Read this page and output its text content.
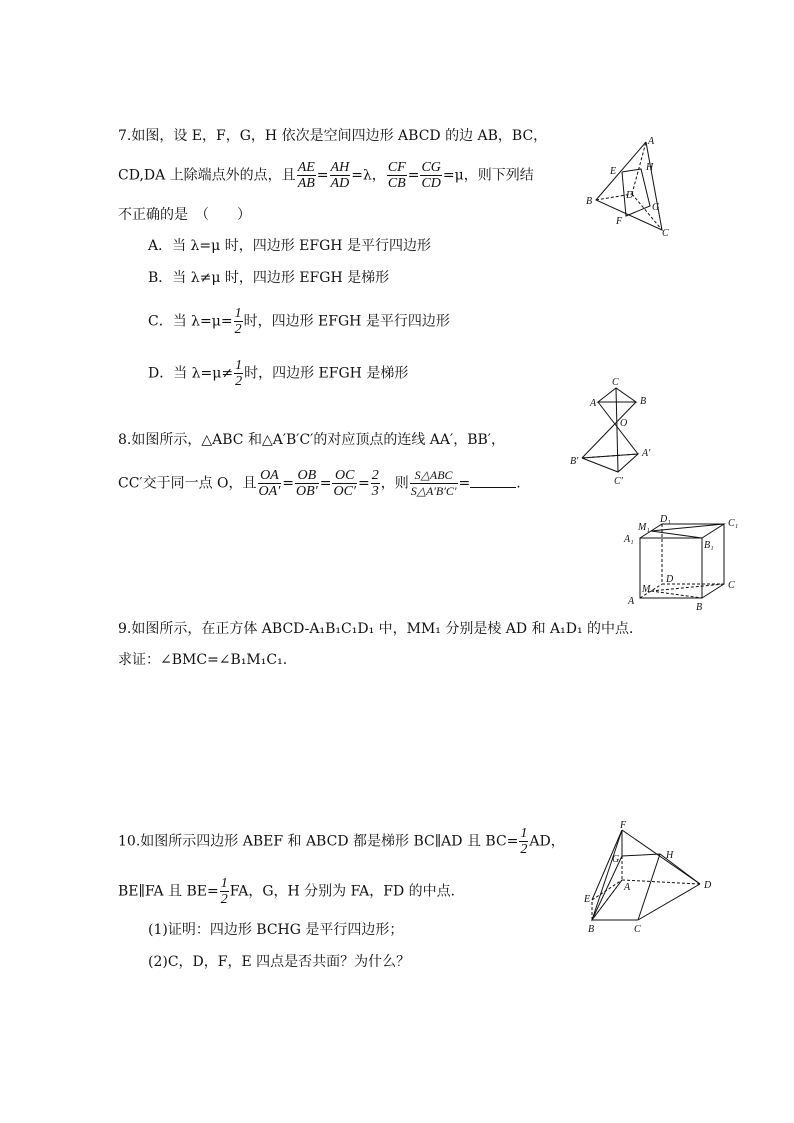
7.如图，设 E，F，G，H 依次是空间四边形 ABCD 的边 AB，BC，
CD,DA 上除端点外的点，且 $\frac{AE}{AB} = \frac{AH}{AD} =\lambda$， $\frac{CF}{CB} = \frac{CG}{CD} =\mu$，则下列结
不正确的是　（　　）
A．当 λ=μ 时，四边形 EFGH 是平行四边形
B．当 λ≠μ 时，四边形 EFGH 是梯形
C．当 $\lambda=\mu= \frac{1}{2}$ 时，四边形 EFGH 是平行四边形
D．当 $\lambda=\mu\ne \frac{1}{2}$ 时，四边形 EFGH 是梯形
A
B
C
D
E
F
G
H
8.如图所示，△ABC 和△A′B′C′的对应顶点的连线 AA′，BB′，
CC′交于同一点 O，且 $\frac{OA}{OA'} = \frac{OB}{OB'} = \frac{OC}{OC'} = \frac{2}{3}$ ，则 $\frac{\text{S△ABC}}{S\triangle A'B'C'}$ =	.
C
A	B
O
A′
B′
C′
A
B
C
D
M
A₁
B₁
C₁
D₁
M₁
9.如图所示，在正方体 ABCD-A₁B₁C₁D₁ 中，MM₁ 分别是棱 AD 和 A₁D₁ 的中点．
求证：∠BMC=∠B₁M₁C₁.
10.如图所示四边形 ABEF 和 ABCD 都是梯形 BC∥AD 且 $BC= \frac{1}{2}$ AD，
BE∥FA 且 $BE= \frac{1}{2}$ FA，G，H 分别为 FA，FD 的中点．
(1)证明：四边形 BCHG 是平行四边形；
(2)C，D，F，E 四点是否共面？为什么？
F
G	H
D
A
E
B	C
